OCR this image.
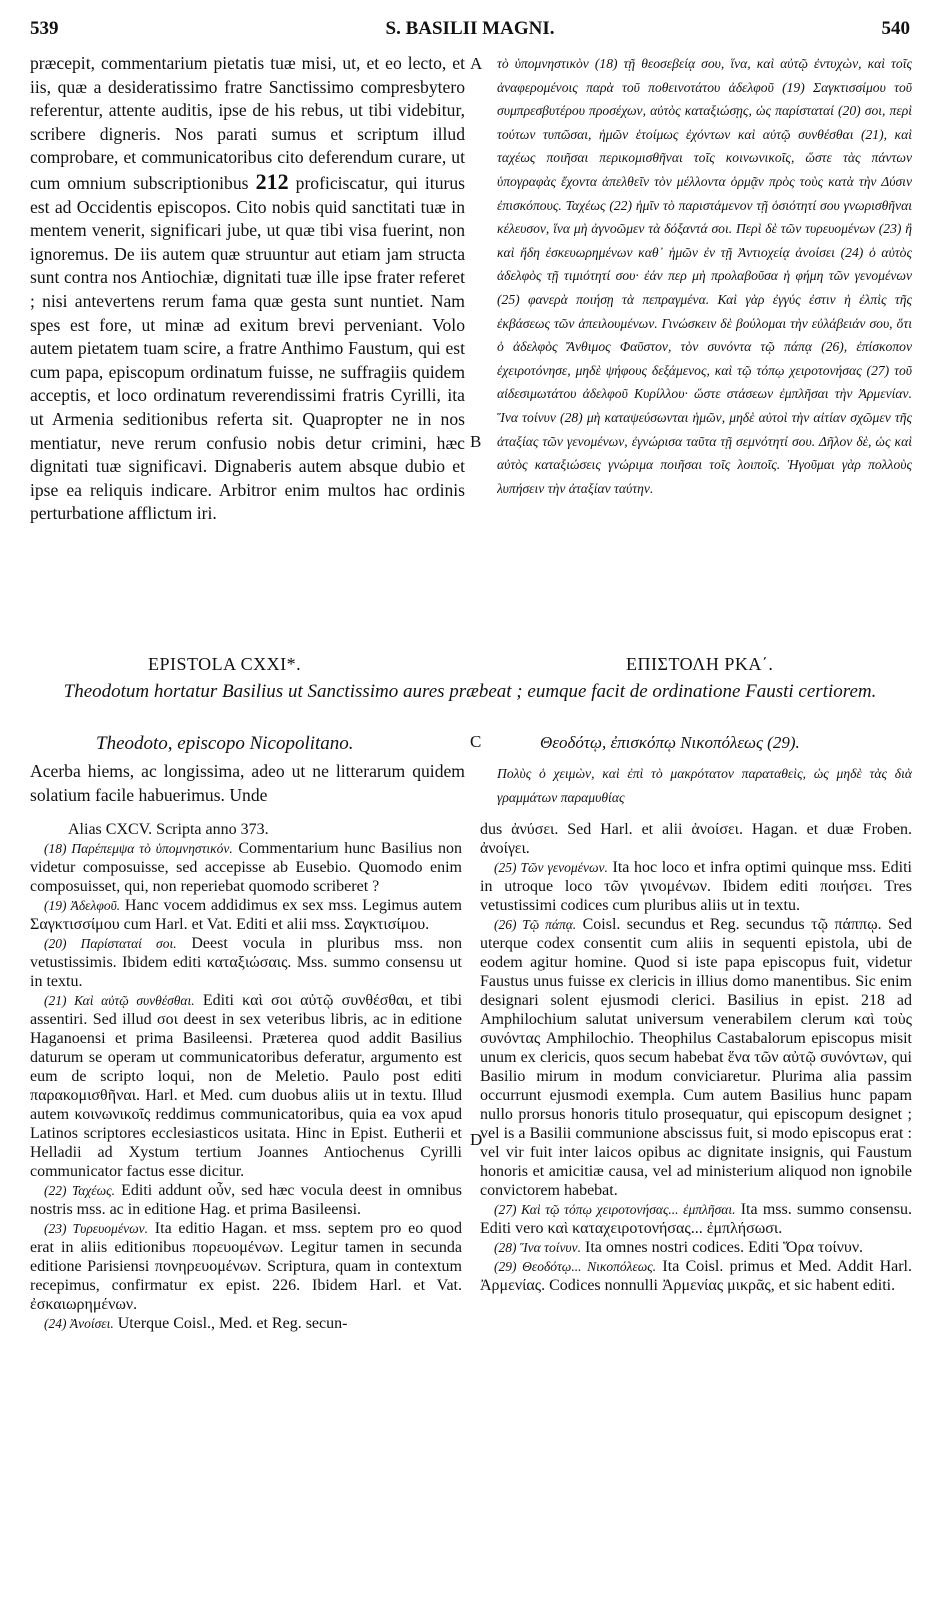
539	S. BASILII MAGNI.	540

præcepit, commentarium pietatis tuæ misi, ut, et eo lecto, et iis, quæ a desideratissimo fratre Sanctissimo compresbytero referentur, attente auditis, ipse de his rebus, ut tibi videbitur, scribere digneris. Nos parati sumus et scriptum illud comprobare, et communicatoribus cito deferendum curare, ut cum omnium subscriptionibus 212 proficiscatur, qui iturus est ad Occidentis episcopos. Cito nobis quid sanctitati tuæ in mentem venerit, significari jube, ut quæ tibi visa fuerint, non ignoremus. De iis autem quæ struuntur aut etiam jam structa sunt contra nos Antiochiæ, dignitati tuæ ille ipse frater referet ; nisi antevertens rerum fama quæ gesta sunt nuntiet. Nam spes est fore, ut minæ ad exitum brevi perveniant. Volo autem pietatem tuam scire, a fratre Anthimo Faustum, qui est cum papa, episcopum ordinatum fuisse, ne suffragiis quidem acceptis, et loco ordinatum reverendissimi fratris Cyrilli, ita ut Armenia seditionibus referta sit. Quapropter ne in nos mentiatur, neve rerum confusio nobis detur crimini, hæc dignitati tuæ significavi. Dignaberis autem absque dubio et ipse ea reliquis indicare. Arbitror enim multos hac ordinis perturbatione afflictum iri.

τὸ ὑπομνηστικὸν (18) τῇ θεοσεβείᾳ σου, ἵνα, καὶ αὐτῷ ἐντυχὼν, καὶ τοῖς ἀναφερομένοις παρὰ τοῦ ποθεινοτάτου ἀδελφοῦ (19) Σαγκτισσίμου τοῦ συμπρεσβυτέρου προσέχων, αὐτὸς καταξιώσῃς, ὡς παρίσταταί (20) σοι, περὶ τούτων τυπῶσαι, ἡμῶν ἑτοίμως ἐχόντων καὶ αὐτῷ συνθέσθαι (21), καὶ ταχέως ποιῆσαι περικομισθῆναι τοῖς κοινωνικοῖς, ὥστε τὰς πάντων ὑπογραφὰς ἔχοντα ἀπελθεῖν τὸν μέλλοντα ὁρμᾷν πρὸς τοὺς κατὰ τὴν Δύσιν ἐπισκόπους. Ταχέως (22) ἡμῖν τὸ παριστάμενον τῇ ὁσιότητί σου γνωρισθῆναι κέλευσον, ἵνα μὴ ἀγνοῶμεν τὰ δόξαντά σοι. Περὶ δὲ τῶν τυρευομένων (23) ἢ καὶ ἤδη ἐσκευωρημένων καθ᾽ ἡμῶν ἐν τῇ Ἀντιοχείᾳ ἀνοίσει (24) ὁ αὐτὸς ἀδελφὸς τῇ τιμιότητί σου· ἐάν περ μὴ προλαβοῦσα ἡ φήμη τῶν γενομένων (25) φανερὰ ποιήσῃ τὰ πεπραγμένα. Καὶ γὰρ ἐγγύς ἐστιν ἡ ἐλπὶς τῆς ἐκβάσεως τῶν ἀπειλουμένων. Γινώσκειν δὲ βούλομαι τὴν εὐλάβειάν σου, ὅτι ὁ ἀδελφὸς Ἄνθιμος Φαῦστον, τὸν συνόντα τῷ πάπᾳ (26), ἐπίσκοπον ἐχειροτόνησε, μηδὲ ψήφους δεξάμενος, καὶ τῷ τόπῳ χειροτονήσας (27) τοῦ αἰδεσιμωτάτου ἀδελφοῦ Κυρίλλου· ὥστε στάσεων ἐμπλῆσαι τὴν Ἀρμενίαν. Ἵνα τοίνυν (28) μὴ καταψεύσωνται ἡμῶν, μηδὲ αὐτοὶ τὴν αἰτίαν σχῶμεν τῆς ἀταξίας τῶν γενομένων, ἐγνώρισα ταῦτα τῇ σεμνότητί σου. Δῆλον δὲ, ὡς καὶ αὐτὸς καταξιώσεις γνώριμα ποιῆσαι τοῖς λοιποῖς. Ἡγοῦμαι γὰρ πολλοὺς λυπήσειν τὴν ἀταξίαν ταύτην.

A
B
C
D
EPISTOLA CXXI*.	ΕΠΙΣΤΟΛΗ ΡΚΑ΄.
Theodotum hortatur Basilius ut Sanctissimo aures præbeat ; eumque facit de ordinatione Fausti certiorem.
Theodoto, episcopo Nicopolitano.	Θεοδότῳ, ἐπισκόπῳ Νικοπόλεως (29).

Acerba hiems, ac longissima, adeo ut ne litterarum quidem solatium facile habuerimus. Unde

Πολὺς ὁ χειμὼν, καὶ ἐπὶ τὸ μακρότατον παραταθεὶς, ὡς μηδὲ τὰς διὰ γραμμάτων παραμυθίας

Alias CXCV. Scripta anno 373.

(18) Παρέπεμψα τὸ ὑπομνηστικόν. Commentarium hunc Basilius non videtur composuisse, sed accepisse ab Eusebio. Quomodo enim composuisset, qui, non reperiebat quomodo scriberet ?

(19) Ἀδελφοῦ. Hanc vocem addidimus ex sex mss. Legimus autem Σαγκτισσίμου cum Harl. et Vat. Editi et alii mss. Σαγκτισίμου.

(20) Παρίσταταί σοι. Deest vocula in pluribus mss. non vetustissimis. Ibidem editi καταξιώσαις. Mss. summo consensu ut in textu.

(21) Καὶ αὐτῷ συνθέσθαι. Editi καὶ σοι αὐτῷ συνθέσθαι, et tibi assentiri. Sed illud σοι deest in sex veteribus libris, ac in editione Haganoensi et prima Basileensi. Præterea quod addit Basilius daturum se operam ut communicatoribus deferatur, argumento est eum de scripto loqui, non de Meletio. Paulo post editi παρακομισθῆναι. Harl. et Med. cum duobus aliis ut in textu. Illud autem κοινωνικοῖς reddimus communicatoribus, quia ea vox apud Latinos scriptores ecclesiasticos usitata. Hinc in Epist. Eutherii et Helladii ad Xystum tertium Joannes Antiochenus Cyrilli communicator factus esse dicitur.

(22) Ταχέως. Editi addunt οὖν, sed hæc vocula deest in omnibus nostris mss. ac in editione Hag. et prima Basileensi.

(23) Τυρευομένων. Ita editio Hagan. et mss. septem pro eo quod erat in aliis editionibus πορευομένων. Legitur tamen in secunda editione Parisiensi πονηρευομένων. Scriptura, quam in contextum recepimus, confirmatur ex epist. 226. Ibidem Harl. et Vat. ἐσκαιωρημένων.

(24) Ἀνοίσει. Uterque Coisl., Med. et Reg. secun-

dus ἀνύσει. Sed Harl. et alii ἀνοίσει. Hagan. et duæ Froben. ἀνοίγει.

(25) Τῶν γενομένων. Ita hoc loco et infra optimi quinque mss. Editi in utroque loco τῶν γινομένων. Ibidem editi ποιήσει. Tres vetustissimi codices cum pluribus aliis ut in textu.

(26) Τῷ πάπᾳ. Coisl. secundus et Reg. secundus τῷ πάππῳ. Sed uterque codex consentit cum aliis in sequenti epistola, ubi de eodem agitur homine. Quod si iste papa episcopus fuit, videtur Faustus unus fuisse ex clericis in illius domo manentibus. Sic enim designari solent ejusmodi clerici. Basilius in epist. 218 ad Amphilochium salutat universum venerabilem clerum καὶ τοὺς συνόντας Amphilochio. Theophilus Castabalorum episcopus misit unum ex clericis, quos secum habebat ἕνα τῶν αὐτῷ συνόντων, qui Basilio mirum in modum conviciaretur. Plurima alia passim occurrunt ejusmodi exempla. Cum autem Basilius hunc papam nullo prorsus honoris titulo prosequatur, qui episcopum designet ; vel is a Basilii communione abscissus fuit, si modo episcopus erat : vel vir fuit inter laicos opibus ac dignitate insignis, qui Faustum honoris et amicitiæ causa, vel ad ministerium aliquod non ignobile convictorem habebat.

(27) Καὶ τῷ τόπῳ χειροτονήσας... ἐμπλῆσαι. Ita mss. summo consensu. Editi vero καὶ καταχειροτονήσας... ἐμπλήσωσι.

(28) Ἵνα τοίνυν. Ita omnes nostri codices. Editi Ὅρα τοίνυν.

(29) Θεοδότῳ... Νικοπόλεως. Ita Coisl. primus et Med. Addit Harl. Ἀρμενίας. Codices nonnulli Ἀρμενίας μικρᾶς, et sic habent editi.
